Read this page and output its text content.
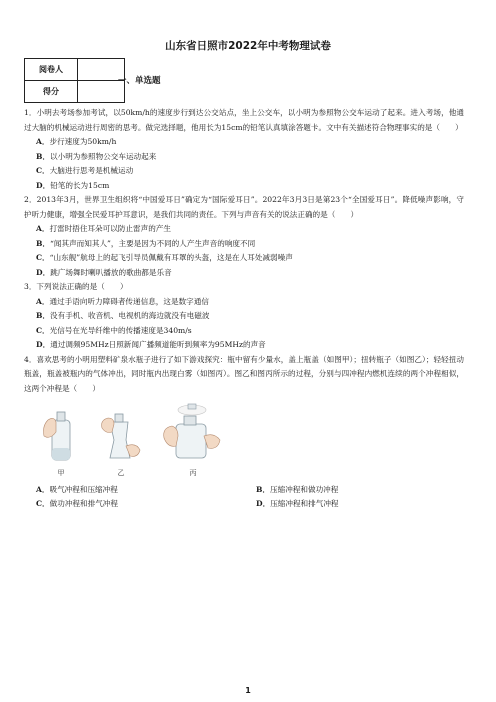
山东省日照市2022年中考物理试卷
阅卷人	
得分	
一、单选题

1．小明去考场参加考试，以50km/h的速度步行到达公交站点，坐上公交车，以小明为参照物公交车运动了起来。进入考场，他通过大脑的机械运动进行周密的思考。做完选择题，他用长为15cm的铅笔认真填涂答题卡。文中有关描述符合物理事实的是（　　）

A．步行速度为50km/h

B．以小明为参照物公交车运动起来

C．大脑进行思考是机械运动

D．铅笔的长为15cm

2．2013年3月，世界卫生组织将“中国爱耳日”确定为“国际爱耳日”。2022年3月3日是第23个“全国爱耳日”。降低噪声影响，守护听力健康，增强全民爱耳护耳意识，是我们共同的责任。下列与声音有关的说法正确的是（　　）

A．打雷时捂住耳朵可以防止雷声的产生

B．“闻其声而知其人”，主要是因为不同的人产生声音的响度不同

C．“山东舰”航母上的起飞引导员佩戴有耳罩的头盔，这是在人耳处减弱噪声

D．跳广场舞时喇叭播放的歌曲都是乐音

3．下列说法正确的是（　　）

A．通过手语向听力障碍者传递信息，这是数字通信

B．没有手机、收音机、电视机的海边就没有电磁波

C．光信号在光导纤维中的传播速度是340m/s

D．通过调频95MHz日照新闻广播频道能听到频率为95MHz的声音

4．喜欢思考的小明用塑料矿泉水瓶子进行了如下游戏探究：瓶中留有少量水，盖上瓶盖（如图甲）；扭转瓶子（如图乙）；轻轻扭动瓶盖，瓶盖被瓶内的气体冲出，同时瓶内出现白雾（如图丙）。图乙和图丙所示的过程，分别与四冲程内燃机连续的两个冲程相似，这两个冲程是（　　）

甲	乙	丙

A．吸气冲程和压缩冲程	B．压缩冲程和做功冲程

C．做功冲程和排气冲程	D．压缩冲程和排气冲程

1
